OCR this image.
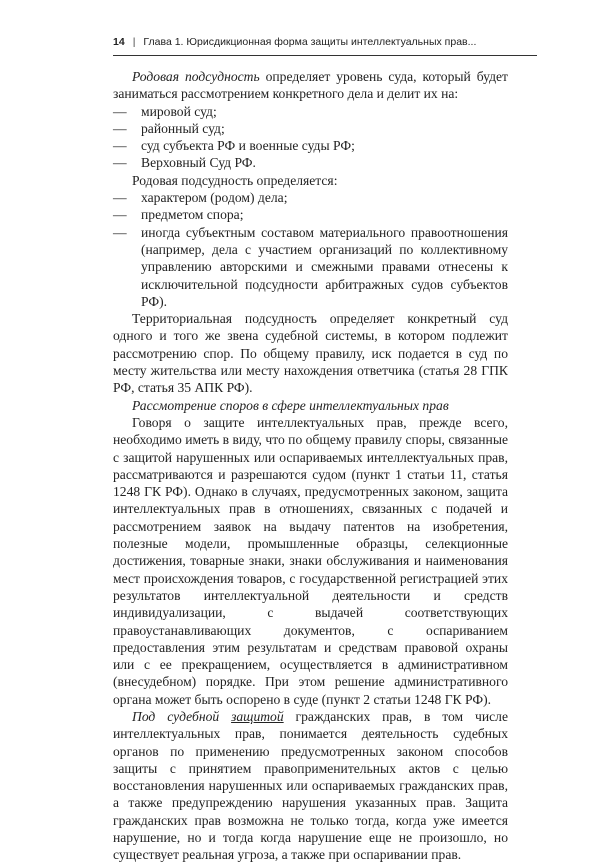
14 | Глава 1. Юрисдикционная форма защиты интеллектуальных прав...

Родовая подсудность определяет уровень суда, который будет заниматься рассмотрением конкретного дела и делит их на:

— мировой суд;
— районный суд;
— суд субъекта РФ и военные суды РФ;
— Верховный Суд РФ.

Родовая подсудность определяется:

— характером (родом) дела;
— предметом спора;
— иногда субъектным составом материального правоотношения (например, дела с участием организаций по коллективному управлению авторскими и смежными правами отнесены к исключительной подсудности арбитражных судов субъектов РФ).

Территориальная подсудность определяет конкретный суд одного и того же звена судебной системы, в котором подлежит рассмотрению спор. По общему правилу, иск подается в суд по месту жительства или месту нахождения ответчика (статья 28 ГПК РФ, статья 35 АПК РФ).

Рассмотрение споров в сфере интеллектуальных прав

Говоря о защите интеллектуальных прав, прежде всего, необходимо иметь в виду, что по общему правилу споры, связанные с защитой нарушенных или оспариваемых интеллектуальных прав, рассматриваются и разрешаются судом (пункт 1 статьи 11, статья 1248 ГК РФ). Однако в случаях, предусмотренных законом, защита интеллектуальных прав в отношениях, связанных с подачей и рассмотрением заявок на выдачу патентов на изобретения, полезные модели, промышленные образцы, селекционные достижения, товарные знаки, знаки обслуживания и наименования мест происхождения товаров, с государственной регистрацией этих результатов интеллектуальной деятельности и средств индивидуализации, с выдачей соответствующих правоустанавливающих документов, с оспариванием предоставления этим результатам и средствам правовой охраны или с ее прекращением, осуществляется в административном (внесудебном) порядке. При этом решение административного органа может быть оспорено в суде (пункт 2 статьи 1248 ГК РФ).

Под судебной защитой гражданских прав, в том числе интеллектуальных прав, понимается деятельность судебных органов по применению предусмотренных законом способов защиты с принятием правоприменительных актов с целью восстановления нарушенных или оспариваемых гражданских прав, а также предупреждению нарушения указанных прав. Защита гражданских прав возможна не только тогда, когда уже имеется нарушение, но и тогда когда нарушение еще не произошло, но существует реальная угроза, а также при оспаривании прав.
